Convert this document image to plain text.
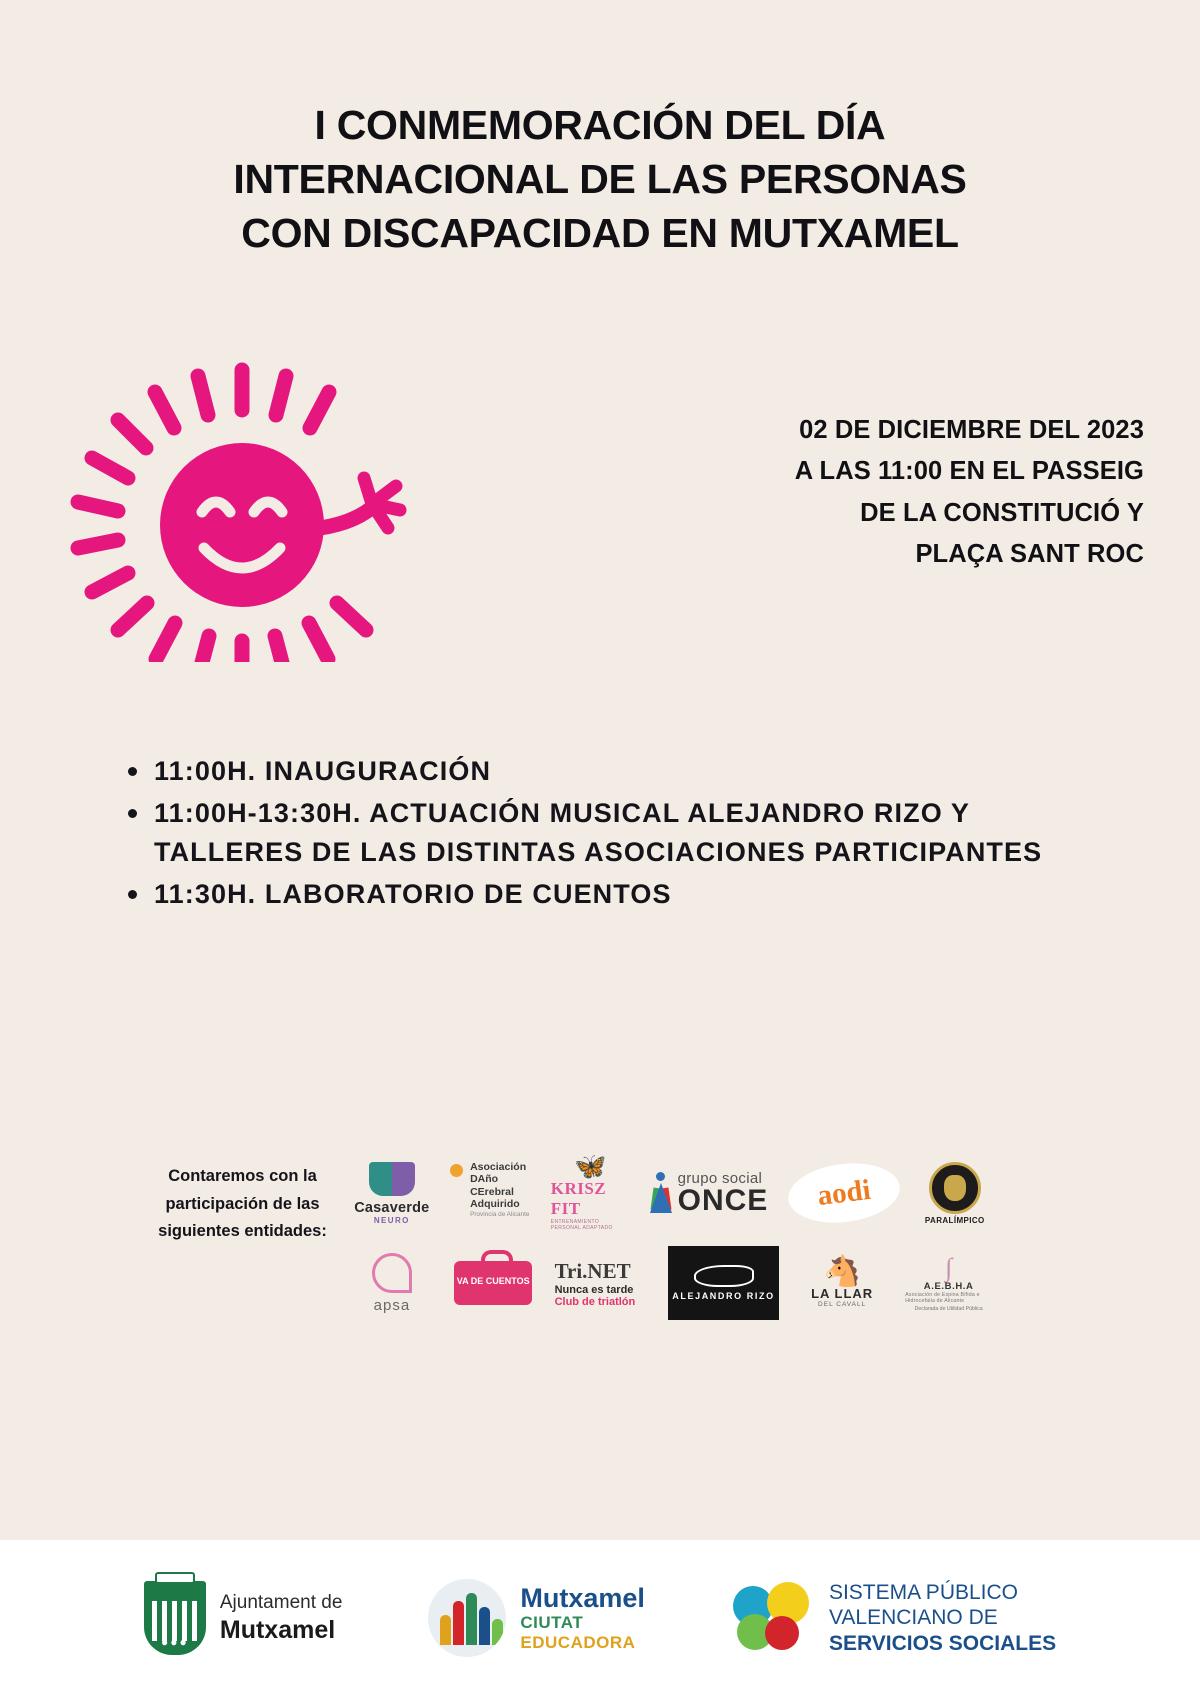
I CONMEMORACIÓN DEL DÍA
INTERNACIONAL DE LAS PERSONAS
CON DISCAPACIDAD EN MUTXAMEL
02 DE DICIEMBRE DEL 2023
A LAS 11:00 EN EL PASSEIG
DE LA CONSTITUCIÓ Y
PLAÇA SANT ROC
11:00H. INAUGURACIÓN
11:00H-13:30H. ACTUACIÓN MUSICAL ALEJANDRO RIZO Y TALLERES DE LAS DISTINTAS ASOCIACIONES PARTICIPANTES
11:30H. LABORATORIO DE CUENTOS
Contaremos con la participación de las siguientes entidades:
Casaverde
NEURO

Asociación
DAño
CErebral
Adquirido
Provincia de Alicante
🦋
KRISZ FIT
ENTRENAMIENTO PERSONAL ADAPTADO
grupo social
ONCE aodi
PARALÍMPICO
apsa
VA DE CUENTOS Tri.NET
Nunca es tarde
Club de triatlón	ALEJANDRO RIZO
🐴
LA LLAR
DEL CAVALL
∫
A.E.B.H.A
Asociación de Espina Bífida e Hidrocefalia de Alicante
Declarada de Utilidad Pública
●●●
Ajuntament de
Mutxamel
Mutxamel
CIUTAT
EDUCADORA
SISTEMA PÚBLICO
VALENCIANO DE
SERVICIOS SOCIALES
